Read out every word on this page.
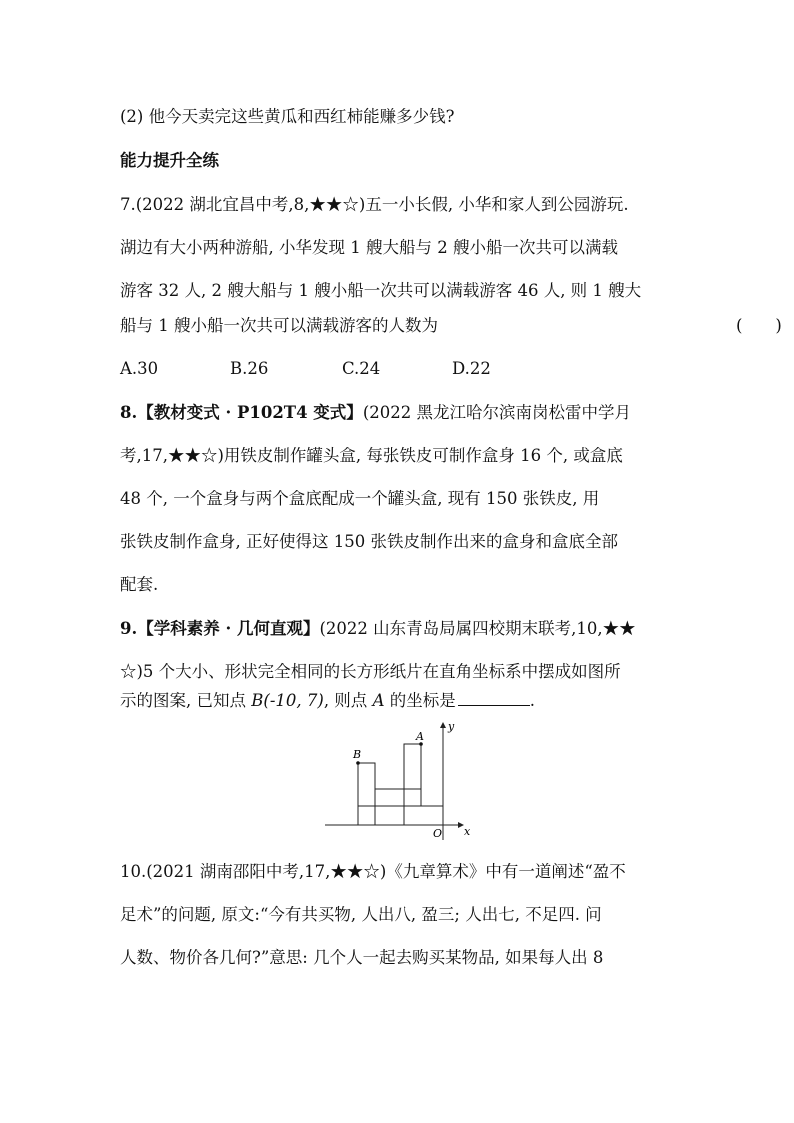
(2) 他今天卖完这些黄瓜和西红柿能赚多少钱?
能力提升全练
7.(2022 湖北宜昌中考,8,★★☆)五一小长假, 小华和家人到公园游玩.
湖边有大小两种游船, 小华发现 1 艘大船与 2 艘小船一次共可以满载
游客 32 人, 2 艘大船与 1 艘小船一次共可以满载游客 46 人, 则 1 艘大
船与 1 艘小船一次共可以满载游客的人数为	(　　)
A.30	B.26	C.24	D.22
8.【教材变式 · P102T4 变式】(2022 黑龙江哈尔滨南岗松雷中学月
考,17,★★☆)用铁皮制作罐头盒, 每张铁皮可制作盒身 16 个, 或盒底
48 个, 一个盒身与两个盒底配成一个罐头盒, 现有 150 张铁皮, 用
张铁皮制作盒身, 正好使得这 150 张铁皮制作出来的盒身和盒底全部
配套.
9.【学科素养 · 几何直观】(2022 山东青岛局属四校期末联考,10,★★
☆)5 个大小、形状完全相同的长方形纸片在直角坐标系中摆成如图所
示的图案, 已知点 B(-10, 7), 则点 A 的坐标是	.
B
A
O x
y
10.(2021 湖南邵阳中考,17,★★☆)《九章算术》中有一道阐述“盈不
足术”的问题, 原文:“今有共买物, 人出八, 盈三; 人出七, 不足四. 问
人数、物价各几何?”意思: 几个人一起去购买某物品, 如果每人出 8
